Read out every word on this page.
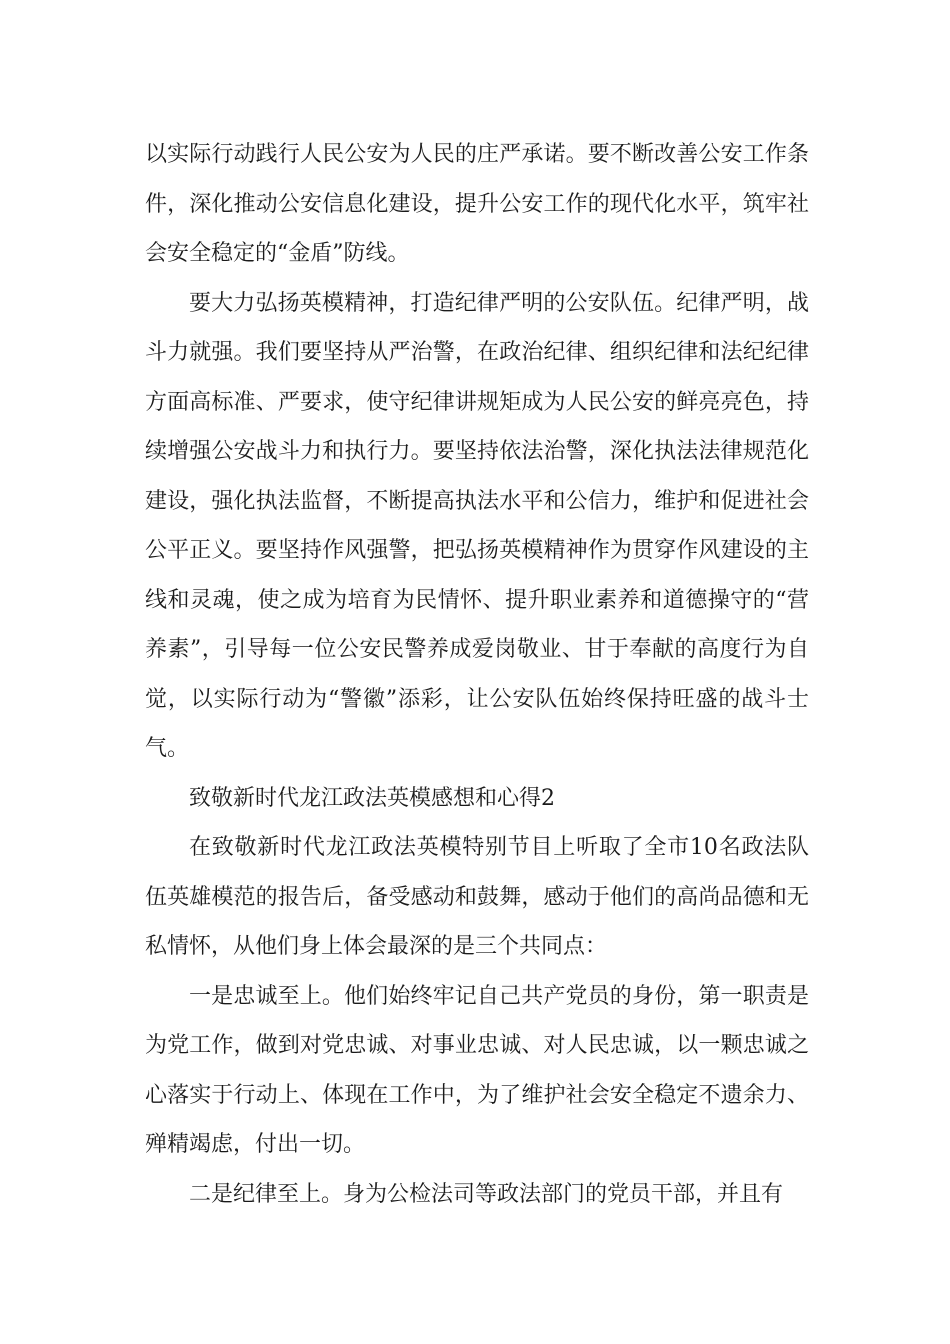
以实际行动践行人民公安为人民的庄严承诺。要不断改善公安工作条件，深化推动公安信息化建设，提升公安工作的现代化水平，筑牢社会安全稳定的“金盾”防线。

要大力弘扬英模精神，打造纪律严明的公安队伍。纪律严明，战斗力就强。我们要坚持从严治警，在政治纪律、组织纪律和法纪纪律方面高标准、严要求，使守纪律讲规矩成为人民公安的鲜亮亮色，持续增强公安战斗力和执行力。要坚持依法治警，深化执法法律规范化建设，强化执法监督，不断提高执法水平和公信力，维护和促进社会公平正义。要坚持作风强警，把弘扬英模精神作为贯穿作风建设的主线和灵魂，使之成为培育为民情怀、提升职业素养和道德操守的“营养素”，引导每一位公安民警养成爱岗敬业、甘于奉献的高度行为自觉，以实际行动为“警徽”添彩，让公安队伍始终保持旺盛的战斗士气。

致敬新时代龙江政法英模感想和心得2

在致敬新时代龙江政法英模特别节目上听取了全市10名政法队伍英雄模范的报告后，备受感动和鼓舞，感动于他们的高尚品德和无私情怀，从他们身上体会最深的是三个共同点：

一是忠诚至上。他们始终牢记自己共产党员的身份，第一职责是为党工作，做到对党忠诚、对事业忠诚、对人民忠诚，以一颗忠诚之心落实于行动上、体现在工作中，为了维护社会安全稳定不遗余力、殚精竭虑，付出一切。

二是纪律至上。身为公检法司等政法部门的党员干部，并且有
